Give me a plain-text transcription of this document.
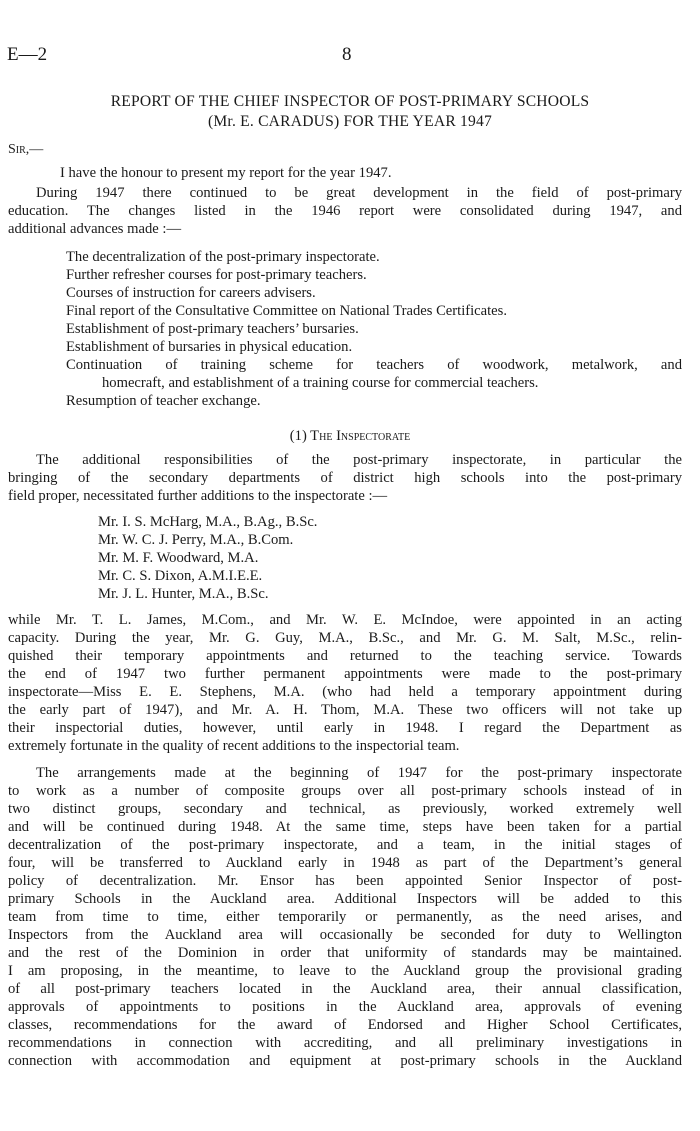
E—2	8
REPORT OF THE CHIEF INSPECTOR OF POST-PRIMARY SCHOOLS
(Mr. E. CARADUS) FOR THE YEAR 1947
Sir,—
I have the honour to present my report for the year 1947.
During 1947 there continued to be great development in the field of post-primary
education. The changes listed in the 1946 report were consolidated during 1947, and
additional advances made :—
The decentralization of the post-primary inspectorate.
Further refresher courses for post-primary teachers.
Courses of instruction for careers advisers.
Final report of the Consultative Committee on National Trades Certificates.
Establishment of post-primary teachers’ bursaries.
Establishment of bursaries in physical education.
Continuation of training scheme for teachers of woodwork, metalwork, and
homecraft, and establishment of a training course for commercial teachers.
Resumption of teacher exchange.
(1) The Inspectorate
The additional responsibilities of the post-primary inspectorate, in particular the
bringing of the secondary departments of district high schools into the post-primary
field proper, necessitated further additions to the inspectorate :—
Mr. I. S. McHarg, M.A., B.Ag., B.Sc.
Mr. W. C. J. Perry, M.A., B.Com.
Mr. M. F. Woodward, M.A.
Mr. C. S. Dixon, A.M.I.E.E.
Mr. J. L. Hunter, M.A., B.Sc.
while Mr. T. L. James, M.Com., and Mr. W. E. McIndoe, were appointed in an acting
capacity. During the year, Mr. G. Guy, M.A., B.Sc., and Mr. G. M. Salt, M.Sc., relin-
quished their temporary appointments and returned to the teaching service. Towards
the end of 1947 two further permanent appointments were made to the post-primary
inspectorate—Miss E. E. Stephens, M.A. (who had held a temporary appointment during
the early part of 1947), and Mr. A. H. Thom, M.A. These two officers will not take up
their inspectorial duties, however, until early in 1948. I regard the Department as
extremely fortunate in the quality of recent additions to the inspectorial team.
The arrangements made at the beginning of 1947 for the post-primary inspectorate
to work as a number of composite groups over all post-primary schools instead of in
two distinct groups, secondary and technical, as previously, worked extremely well
and will be continued during 1948. At the same time, steps have been taken for a partial
decentralization of the post-primary inspectorate, and a team, in the initial stages of
four, will be transferred to Auckland early in 1948 as part of the Department’s general
policy of decentralization. Mr. Ensor has been appointed Senior Inspector of post-
primary Schools in the Auckland area. Additional Inspectors will be added to this
team from time to time, either temporarily or permanently, as the need arises, and
Inspectors from the Auckland area will occasionally be seconded for duty to Wellington
and the rest of the Dominion in order that uniformity of standards may be maintained.
I am proposing, in the meantime, to leave to the Auckland group the provisional grading
of all post-primary teachers located in the Auckland area, their annual classification,
approvals of appointments to positions in the Auckland area, approvals of evening
classes, recommendations for the award of Endorsed and Higher School Certificates,
recommendations in connection with accrediting, and all preliminary investigations in
connection with accommodation and equipment at post-primary schools in the Auckland
